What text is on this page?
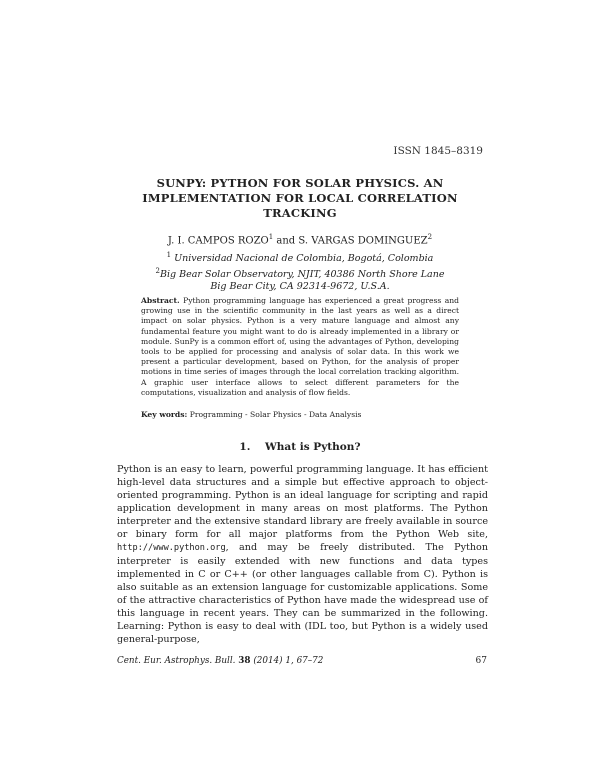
ISSN 1845–8319
SUNPY: PYTHON FOR SOLAR PHYSICS. AN
IMPLEMENTATION FOR LOCAL CORRELATION
TRACKING
J. I. CAMPOS ROZO$^1$ and S. VARGAS DOMINGUEZ$^2$
$^1$ Universidad Nacional de Colombia, Bogotá, Colombia
$^2$Big Bear Solar Observatory, NJIT, 40386 North Shore Lane
Big Bear City, CA 92314-9672, U.S.A.
Abstract. Python programming language has experienced a great progress and growing use in the scientific community in the last years as well as a direct impact on solar physics. Python is a very mature language and almost any fundamental feature you might want to do is already implemented in a library or module. SunPy is a common effort of, using the advantages of Python, developing tools to be applied for processing and analysis of solar data. In this work we present a particular development, based on Python, for the analysis of proper motions in time series of images through the local correlation tracking algorithm. A graphic user interface allows to select different parameters for the computations, visualization and analysis of flow fields.
Key words: Programming - Solar Physics - Data Analysis
1.    What is Python?
Python is an easy to learn, powerful programming language. It has efficient high-level data structures and a simple but effective approach to object-oriented programming. Python is an ideal language for scripting and rapid application development in many areas on most platforms. The Python interpreter and the extensive standard library are freely available in source or binary form for all major platforms from the Python Web site, http://www.python.org, and may be freely distributed. The Python interpreter is easily extended with new functions and data types implemented in C or C++ (or other languages callable from C). Python is also suitable as an extension language for customizable applications. Some of the attractive characteristics of Python have made the widespread use of this language in recent years. They can be summarized in the following. Learning: Python is easy to deal with (IDL too, but Python is a widely used general-purpose,
Cent. Eur. Astrophys. Bull. 38 (2014) 1, 67–72	67
